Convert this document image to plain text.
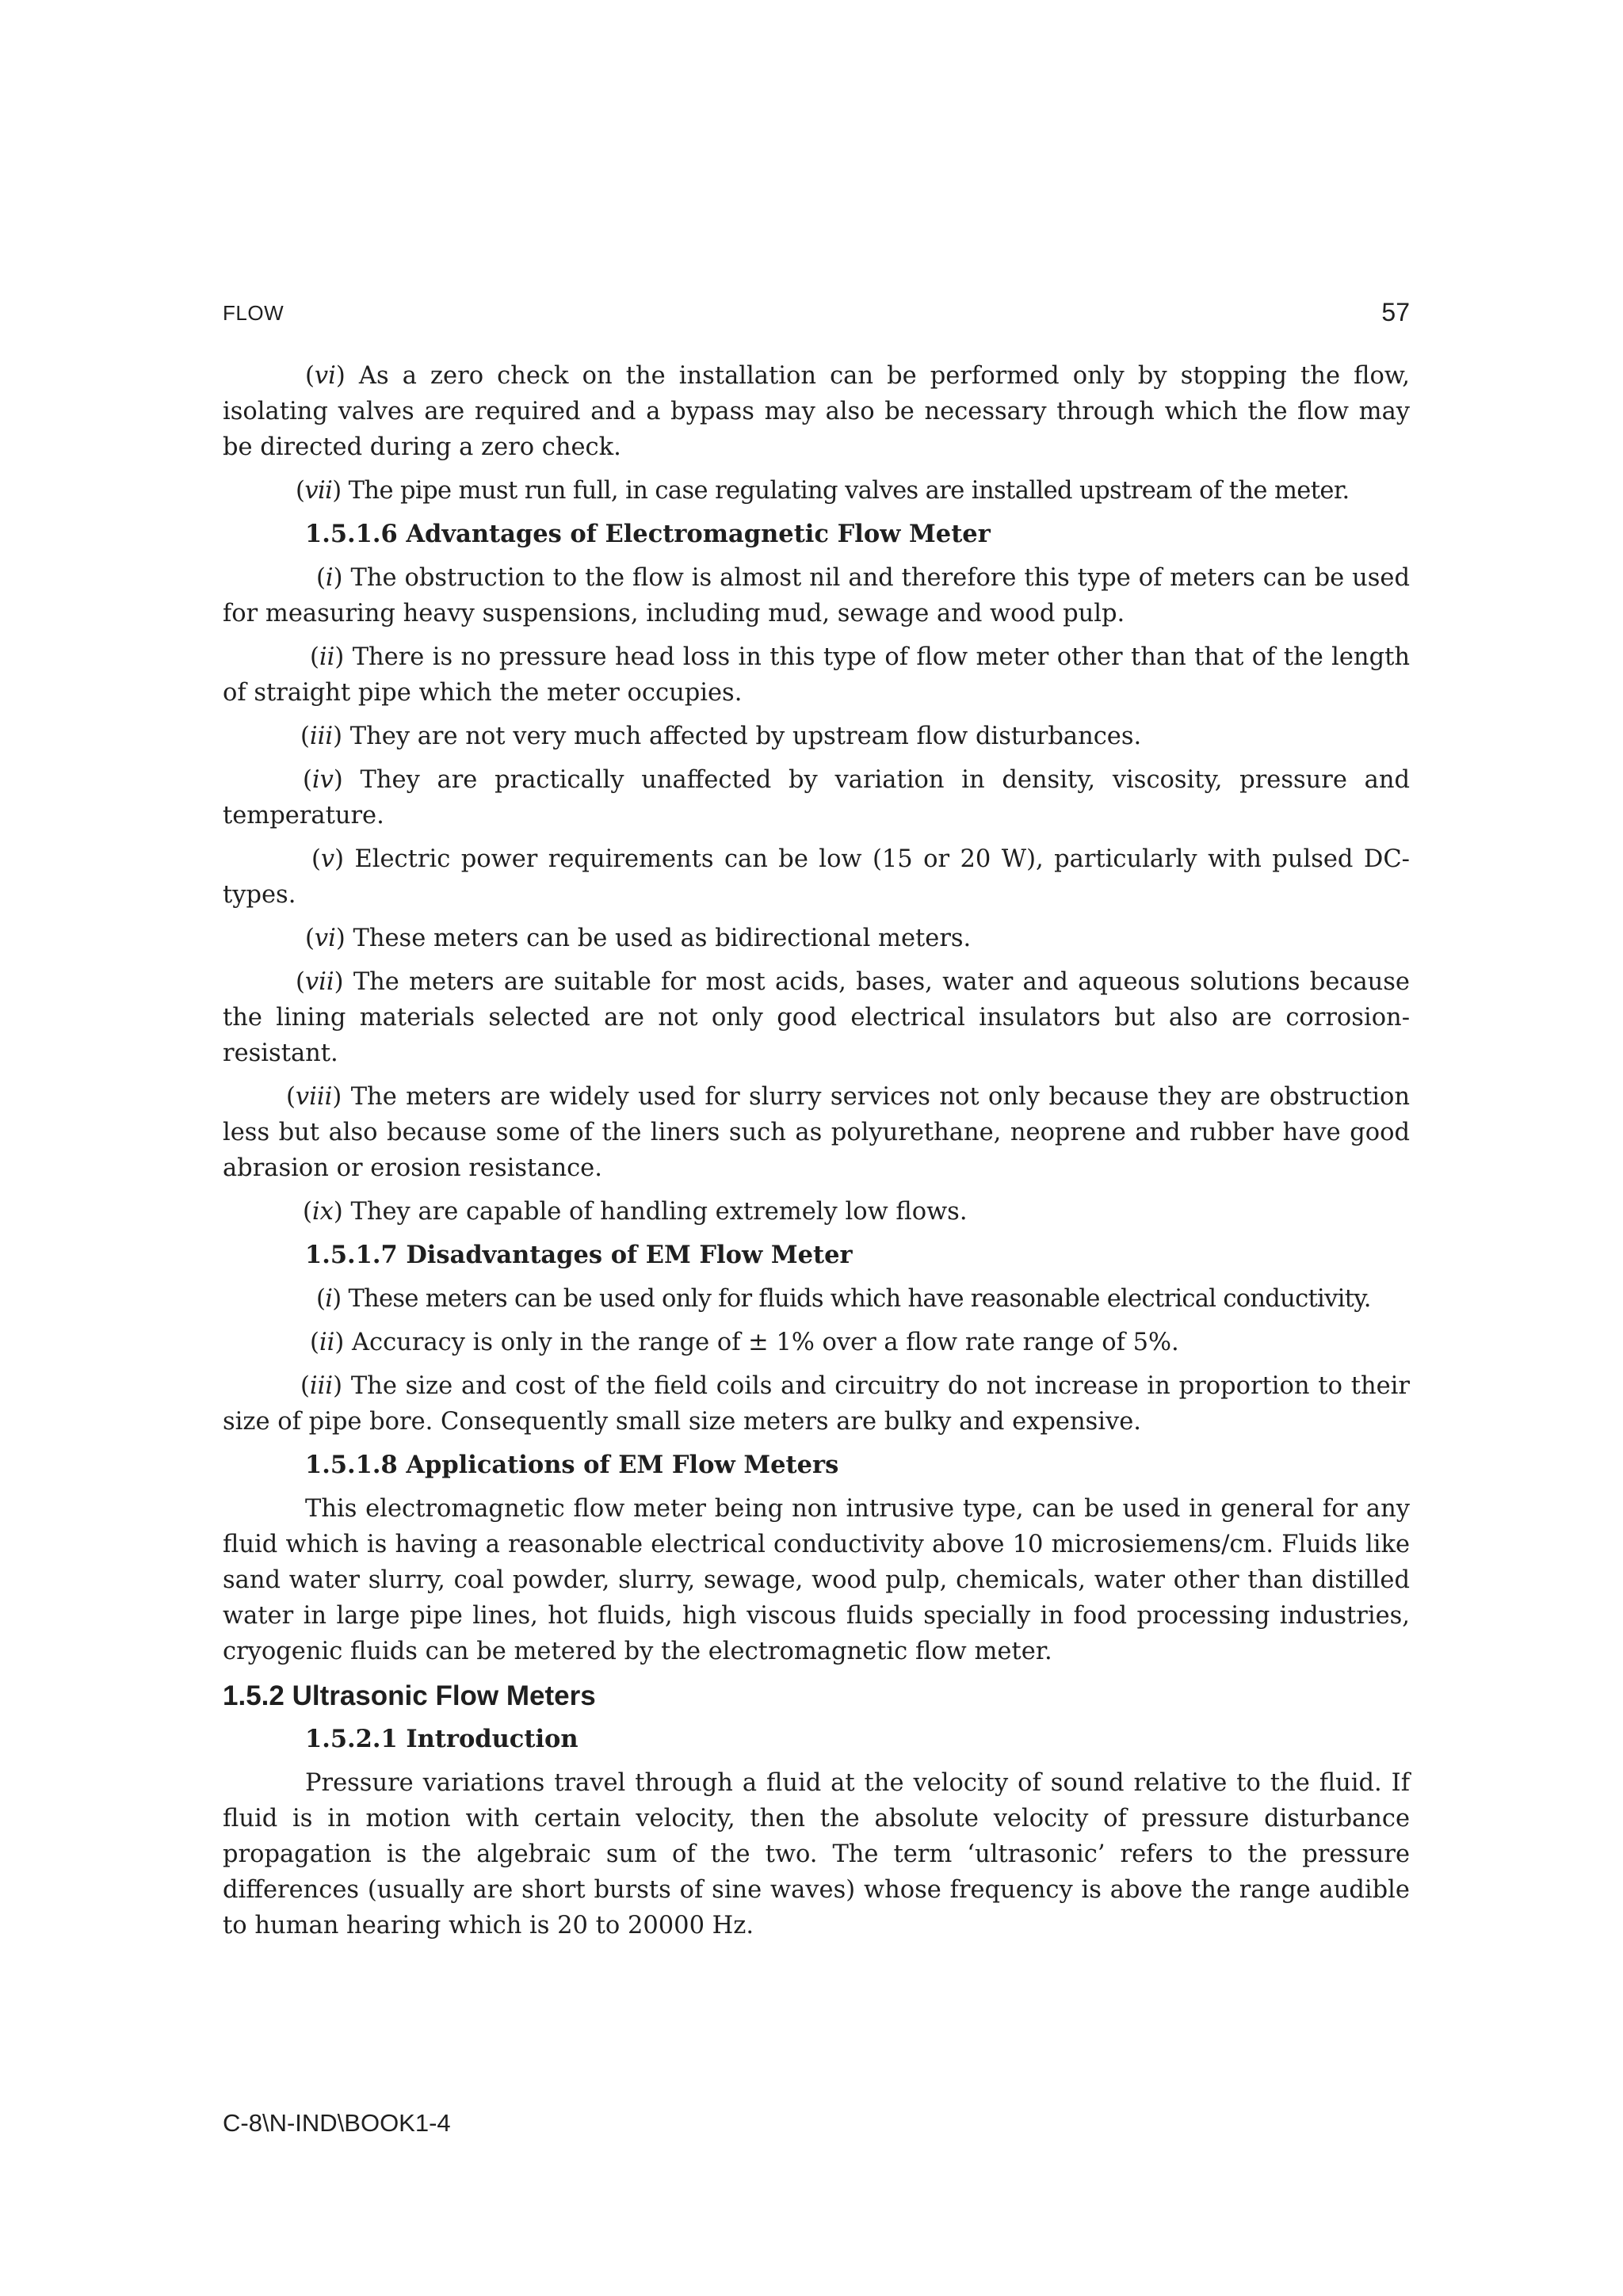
FLOW	57

(vi) As a zero check on the installation can be performed only by stopping the flow, isolating valves are required and a bypass may also be necessary through which the flow may be directed during a zero check.

(vii) The pipe must run full, in case regulating valves are installed upstream of the meter.

1.5.1.6 Advantages of Electromagnetic Flow Meter

(i) The obstruction to the flow is almost nil and therefore this type of meters can be used for measuring heavy suspensions, including mud, sewage and wood pulp.

(ii) There is no pressure head loss in this type of flow meter other than that of the length of straight pipe which the meter occupies.

(iii) They are not very much affected by upstream flow disturbances.

(iv) They are practically unaffected by variation in density, viscosity, pressure and temperature.

(v) Electric power requirements can be low (15 or 20 W), particularly with pulsed DC-types.

(vi) These meters can be used as bidirectional meters.

(vii) The meters are suitable for most acids, bases, water and aqueous solutions because the lining materials selected are not only good electrical insulators but also are corrosion-resistant.

(viii) The meters are widely used for slurry services not only because they are obstruction less but also because some of the liners such as polyurethane, neoprene and rubber have good abrasion or erosion resistance.

(ix) They are capable of handling extremely low flows.

1.5.1.7 Disadvantages of EM Flow Meter

(i) These meters can be used only for fluids which have reasonable electrical conductivity.

(ii) Accuracy is only in the range of ± 1% over a flow rate range of 5%.

(iii) The size and cost of the field coils and circuitry do not increase in proportion to their size of pipe bore. Consequently small size meters are bulky and expensive.

1.5.1.8 Applications of EM Flow Meters

This electromagnetic flow meter being non intrusive type, can be used in general for any fluid which is having a reasonable electrical conductivity above 10 microsiemens/cm. Fluids like sand water slurry, coal powder, slurry, sewage, wood pulp, chemicals, water other than distilled water in large pipe lines, hot fluids, high viscous fluids specially in food processing industries, cryogenic fluids can be metered by the electromagnetic flow meter.

1.5.2 Ultrasonic Flow Meters

1.5.2.1 Introduction

Pressure variations travel through a fluid at the velocity of sound relative to the fluid. If fluid is in motion with certain velocity, then the absolute velocity of pressure disturbance propagation is the algebraic sum of the two. The term ‘ultrasonic’ refers to the pressure differences (usually are short bursts of sine waves) whose frequency is above the range audible to human hearing which is 20 to 20000 Hz.

C-8\N-IND\BOOK1-4
